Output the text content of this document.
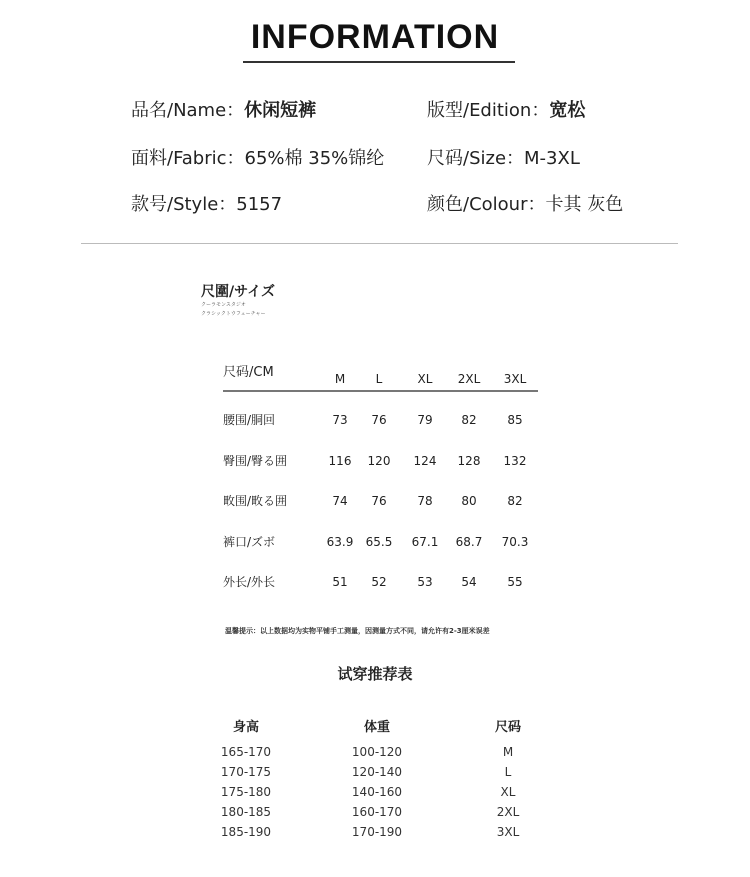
INFORMATION
品名/Name：休闲短裤	版型/Edition：宽松
面料/Fabric：65%棉 35%锦纶 尺码/Size：M-3XL
款号/Style：5157	颜色/Colour：卡其 灰色
尺圍/サイズ
クーラモンスタジオ
クラシックトウフェーチャー
尺码/CM	M	L	XL	2XL	3XL
腰围/胴回	73	76	79	82	85
臀围/臀る囲	116	120	124	128	132
畋围/畋る囲	74	76	78	80	82
裤口/ズボ	63.9	65.5	67.1	68.7	70.3
外长/外长	51	52	53	54	55
温馨提示：以上数据均为实物平铺手工测量，因测量方式不同，请允许有2-3厘米误差
试穿推荐表
身高	体重	尺码
165-170	100-120	M
170-175	120-140	L
175-180	140-160	XL
180-185	160-170	2XL
185-190	170-190	3XL
